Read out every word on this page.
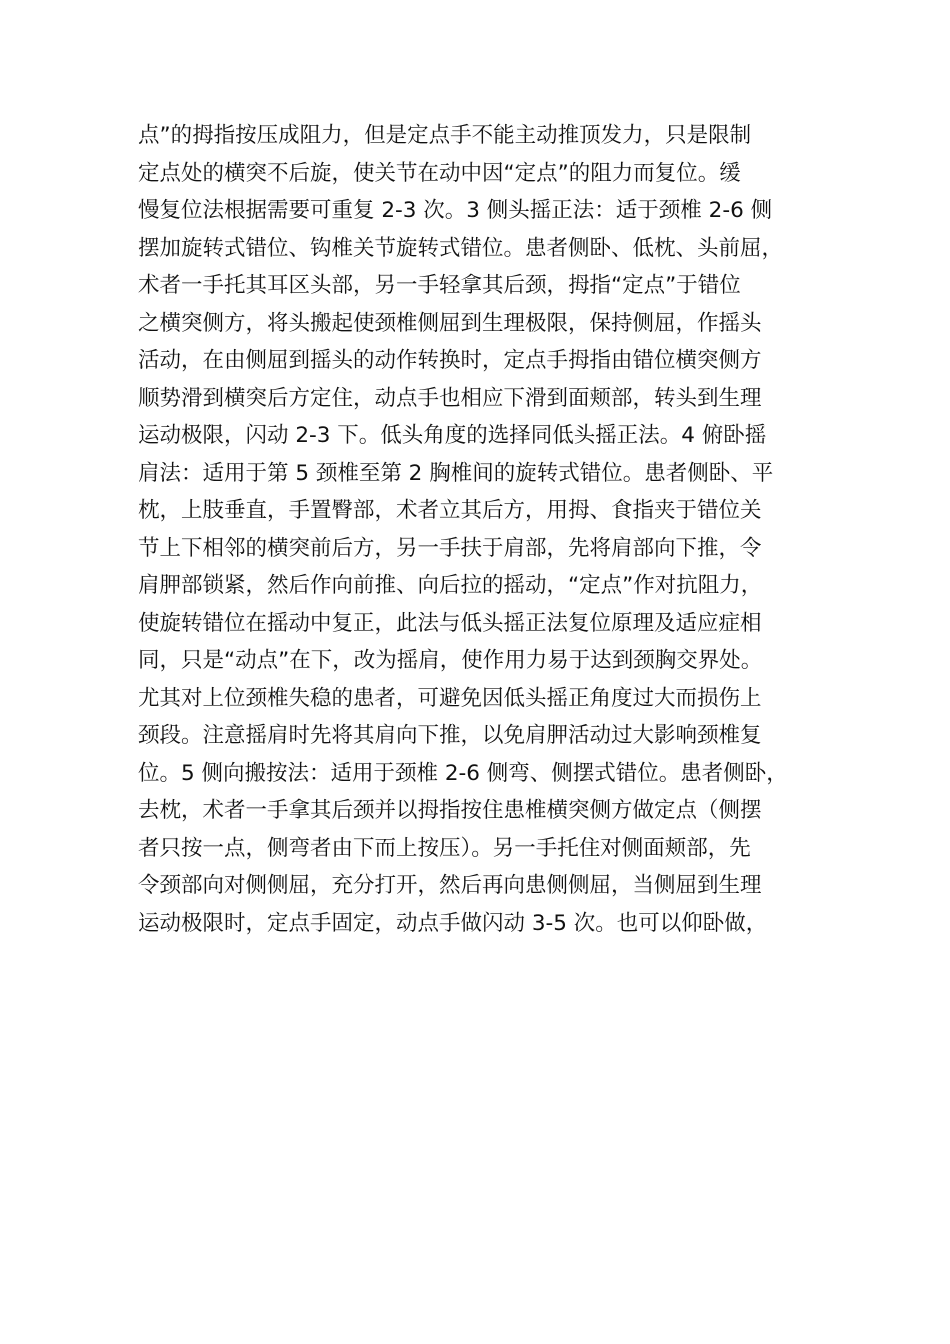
点”的拇指按压成阻力，但是定点手不能主动推顶发力，只是限制
定点处的横突不后旋，使关节在动中因“定点”的阻力而复位。缓
慢复位法根据需要可重复 2-3 次。3 侧头摇正法：适于颈椎 2-6 侧
摆加旋转式错位、钩椎关节旋转式错位。患者侧卧、低枕、头前屈，
术者一手托其耳区头部，另一手轻拿其后颈，拇指“定点”于错位
之横突侧方，将头搬起使颈椎侧屈到生理极限，保持侧屈，作摇头
活动，在由侧屈到摇头的动作转换时，定点手拇指由错位横突侧方
顺势滑到横突后方定住，动点手也相应下滑到面颊部，转头到生理
运动极限，闪动 2-3 下。低头角度的选择同低头摇正法。4 俯卧摇
肩法：适用于第 5 颈椎至第 2 胸椎间的旋转式错位。患者侧卧、平
枕，上肢垂直，手置臀部，术者立其后方，用拇、食指夹于错位关
节上下相邻的横突前后方，另一手扶于肩部，先将肩部向下推，令
肩胛部锁紧，然后作向前推、向后拉的摇动，“定点”作对抗阻力，
使旋转错位在摇动中复正，此法与低头摇正法复位原理及适应症相
同，只是“动点”在下，改为摇肩，使作用力易于达到颈胸交界处。
尤其对上位颈椎失稳的患者，可避免因低头摇正角度过大而损伤上
颈段。注意摇肩时先将其肩向下推，以免肩胛活动过大影响颈椎复
位。5 侧向搬按法：适用于颈椎 2-6 侧弯、侧摆式错位。患者侧卧，
去枕，术者一手拿其后颈并以拇指按住患椎横突侧方做定点（侧摆
者只按一点，侧弯者由下而上按压）。另一手托住对侧面颊部，先
令颈部向对侧侧屈，充分打开，然后再向患侧侧屈，当侧屈到生理
运动极限时，定点手固定，动点手做闪动 3-5 次。也可以仰卧做，
